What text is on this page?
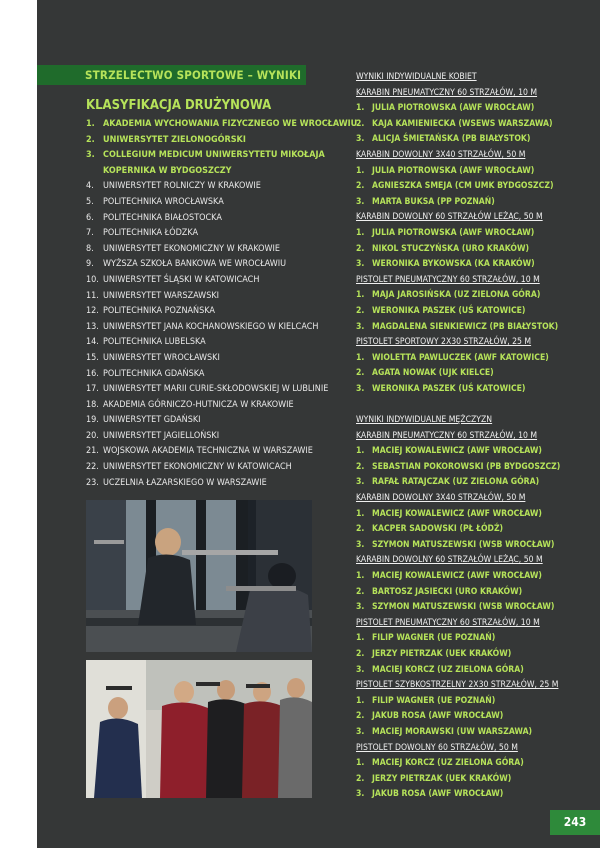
STRZELECTWO SPORTOWE – WYNIKI
KLASYFIKACJA DRUŻYNOWA
1. AKADEMIA WYCHOWANIA FIZYCZNEGO WE WROCŁAWIU
2. UNIWERSYTET ZIELONOGÓRSKI
3. COLLEGIUM MEDICUM UNIWERSYTETU MIKOŁAJA
KOPERNIKA W BYDGOSZCZY
4.	UNIWERSYTET ROLNICZY W KRAKOWIE
5.	POLITECHNIKA WROCŁAWSKA
6.	POLITECHNIKA BIAŁOSTOCKA
7.	POLITECHNIKA ŁÓDZKA
8.	UNIWERSYTET EKONOMICZNY W KRAKOWIE
9.	WYŻSZA SZKOŁA BANKOWA WE WROCŁAWIU
10. UNIWERSYTET ŚLĄSKI W KATOWICACH
11. UNIWERSYTET WARSZAWSKI
12. POLITECHNIKA POZNAŃSKA
13. UNIWERSYTET JANA KOCHANOWSKIEGO W KIELCACH
14. POLITECHNIKA LUBELSKA
15. UNIWERSYTET WROCŁAWSKI
16. POLITECHNIKA GDAŃSKA
17. UNIWERSYTET MARII CURIE-SKŁODOWSKIEJ W LUBLINIE
18. AKADEMIA GÓRNICZO-HUTNICZA W KRAKOWIE
19. UNIWERSYTET GDAŃSKI
20. UNIWERSYTET JAGIELLOŃSKI
21. WOJSKOWA AKADEMIA TECHNICZNA W WARSZAWIE
22. UNIWERSYTET EKONOMICZNY W KATOWICACH
23. UCZELNIA ŁAZARSKIEGO W WARSZAWIE
WYNIKI INDYWIDUALNE KOBIET
KARABIN PNEUMATYCZNY 60 STRZAŁÓW, 10 M
1. JULIA PIOTROWSKA (AWF WROCŁAW)
2. KAJA KAMIENIECKA (WSEWS WARSZAWA)
3. ALICJA ŚMIETAŃSKA (PB BIAŁYSTOK)
KARABIN DOWOLNY 3X40 STRZAŁÓW, 50 M
1. JULIA PIOTROWSKA (AWF WROCŁAW)
2. AGNIESZKA SMEJA (CM UMK BYDGOSZCZ)
3. MARTA BUKSA (PP POZNAŃ)
KARABIN DOWOLNY 60 STRZAŁÓW LEŻĄC, 50 M
1. JULIA PIOTROWSKA (AWF WROCŁAW)
2. NIKOL STUCZYŃSKA (URO KRAKÓW)
3. WERONIKA BYKOWSKA (KA KRAKÓW)
PISTOLET PNEUMATYCZNY 60 STRZAŁÓW, 10 M
1. MAJA JAROSIŃSKA (UZ ZIELONA GÓRA)
2. WERONIKA PASZEK (UŚ KATOWICE)
3. MAGDALENA SIENKIEWICZ (PB BIAŁYSTOK)
PISTOLET SPORTOWY 2X30 STRZAŁÓW, 25 M
1. WIOLETTA PAWLUCZEK (AWF KATOWICE)
2. AGATA NOWAK (UJK KIELCE)
3. WERONIKA PASZEK (UŚ KATOWICE)
WYNIKI INDYWIDUALNE MĘŻCZYZN
KARABIN PNEUMATYCZNY 60 STRZAŁÓW, 10 M
1. MACIEJ KOWALEWICZ (AWF WROCŁAW)
2. SEBASTIAN POKOROWSKI (PB BYDGOSZCZ)
3. RAFAŁ RATAJCZAK (UZ ZIELONA GÓRA)
KARABIN DOWOLNY 3X40 STRZAŁÓW, 50 M
1. MACIEJ KOWALEWICZ (AWF WROCŁAW)
2. KACPER SADOWSKI (PŁ ŁÓDŹ)
3. SZYMON MATUSZEWSKI (WSB WROCŁAW)
KARABIN DOWOLNY 60 STRZAŁÓW LEŻĄC, 50 M
1. MACIEJ KOWALEWICZ (AWF WROCŁAW)
2. BARTOSZ JASIECKI (URO KRAKÓW)
3. SZYMON MATUSZEWSKI (WSB WROCŁAW)
PISTOLET PNEUMATYCZNY 60 STRZAŁÓW, 10 M
1. FILIP WAGNER (UE POZNAŃ)
2. JERZY PIETRZAK (UEK KRAKÓW)
3. MACIEJ KORCZ (UZ ZIELONA GÓRA)
PISTOLET SZYBKOSTRZELNY 2X30 STRZAŁÓW, 25 M
1. FILIP WAGNER (UE POZNAŃ)
2. JAKUB ROSA (AWF WROCŁAW)
3. MACIEJ MORAWSKI (UW WARSZAWA)
PISTOLET DOWOLNY 60 STRZAŁÓW, 50 M
1. MACIEJ KORCZ (UZ ZIELONA GÓRA)
2. JERZY PIETRZAK (UEK KRAKÓW)
3. JAKUB ROSA (AWF WROCŁAW)
243
